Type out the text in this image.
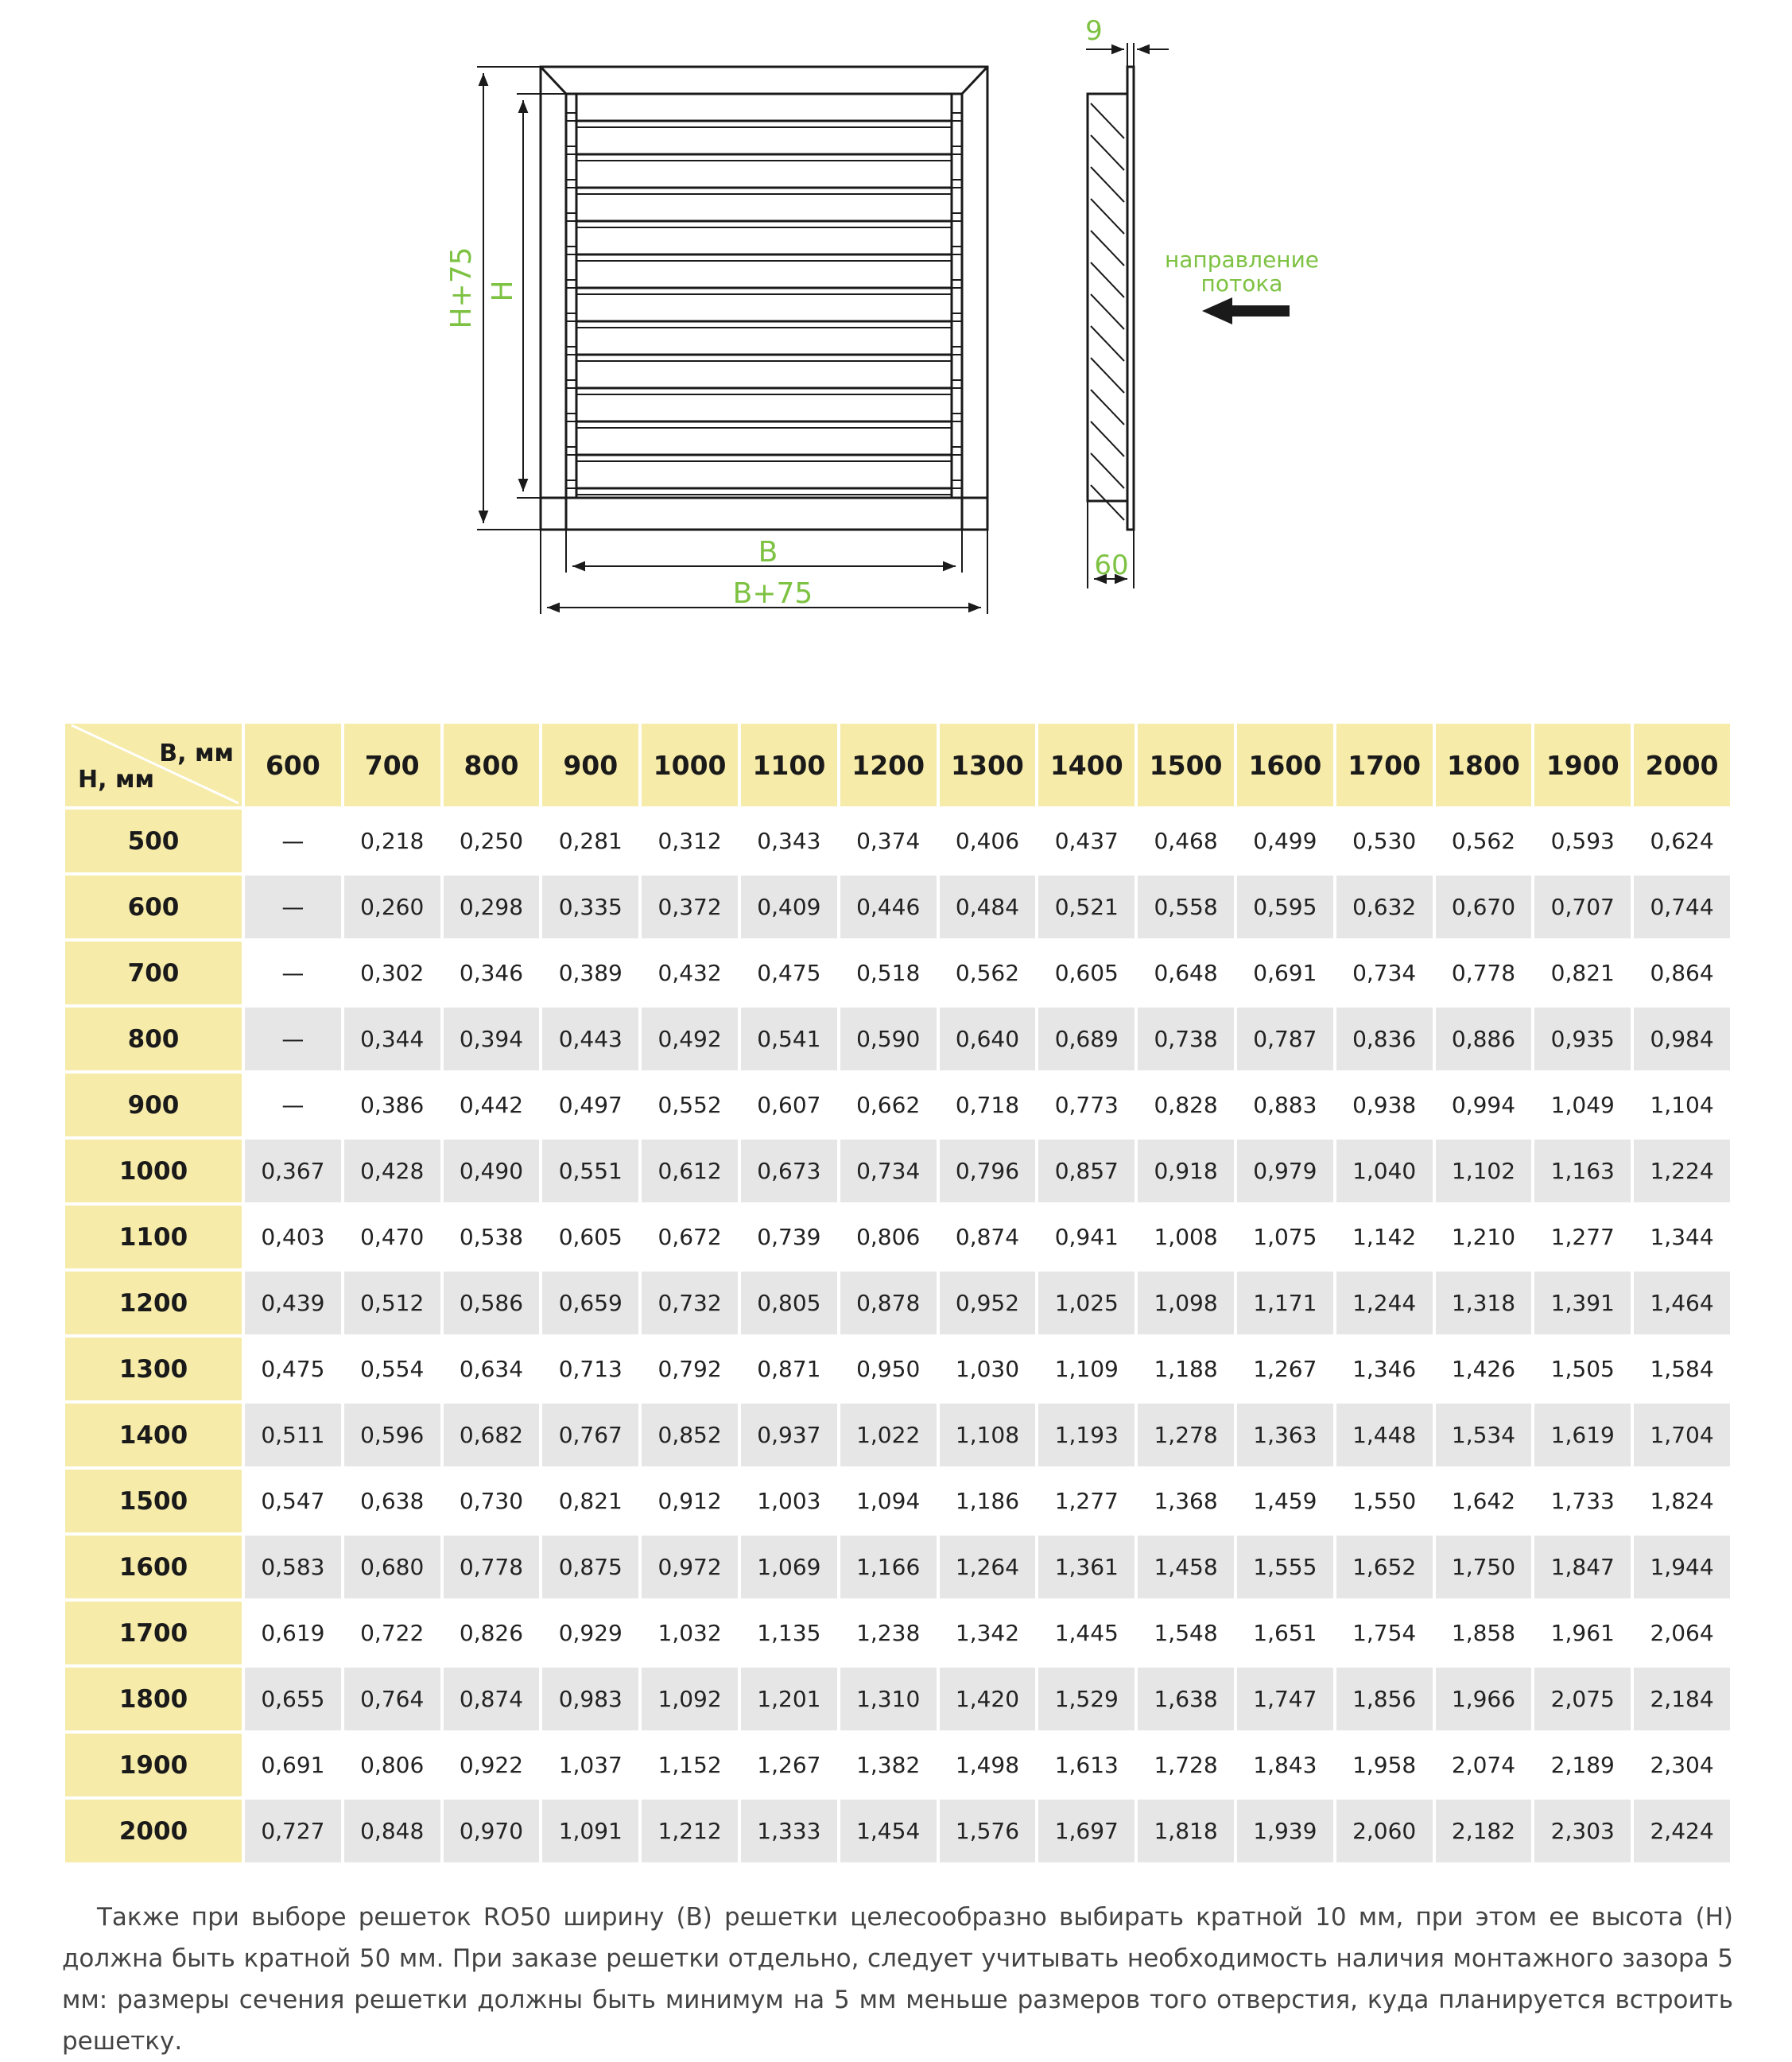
H+75 H
B
B+75
9
60
направление
потока
B, мм
H, мм	600	700	800	900	1000	1100	1200	1300	1400	1500	1600	1700	1800	1900	2000
500	—	0,218	0,250	0,281	0,312	0,343	0,374	0,406	0,437	0,468	0,499	0,530	0,562	0,593	0,624
600	—	0,260	0,298	0,335	0,372	0,409	0,446	0,484	0,521	0,558	0,595	0,632	0,670	0,707	0,744
700	—	0,302	0,346	0,389	0,432	0,475	0,518	0,562	0,605	0,648	0,691	0,734	0,778	0,821	0,864
800	—	0,344	0,394	0,443	0,492	0,541	0,590	0,640	0,689	0,738	0,787	0,836	0,886	0,935	0,984
900	—	0,386	0,442	0,497	0,552	0,607	0,662	0,718	0,773	0,828	0,883	0,938	0,994	1,049	1,104
1000	0,367	0,428	0,490	0,551	0,612	0,673	0,734	0,796	0,857	0,918	0,979	1,040	1,102	1,163	1,224
1100	0,403	0,470	0,538	0,605	0,672	0,739	0,806	0,874	0,941	1,008	1,075	1,142	1,210	1,277	1,344
1200	0,439	0,512	0,586	0,659	0,732	0,805	0,878	0,952	1,025	1,098	1,171	1,244	1,318	1,391	1,464
1300	0,475	0,554	0,634	0,713	0,792	0,871	0,950	1,030	1,109	1,188	1,267	1,346	1,426	1,505	1,584
1400	0,511	0,596	0,682	0,767	0,852	0,937	1,022	1,108	1,193	1,278	1,363	1,448	1,534	1,619	1,704
1500	0,547	0,638	0,730	0,821	0,912	1,003	1,094	1,186	1,277	1,368	1,459	1,550	1,642	1,733	1,824
1600	0,583	0,680	0,778	0,875	0,972	1,069	1,166	1,264	1,361	1,458	1,555	1,652	1,750	1,847	1,944
1700	0,619	0,722	0,826	0,929	1,032	1,135	1,238	1,342	1,445	1,548	1,651	1,754	1,858	1,961	2,064
1800	0,655	0,764	0,874	0,983	1,092	1,201	1,310	1,420	1,529	1,638	1,747	1,856	1,966	2,075	2,184
1900	0,691	0,806	0,922	1,037	1,152	1,267	1,382	1,498	1,613	1,728	1,843	1,958	2,074	2,189	2,304
2000	0,727	0,848	0,970	1,091	1,212	1,333	1,454	1,576	1,697	1,818	1,939	2,060	2,182	2,303	2,424

Также при выборе решеток RO50 ширину (В) решетки целесообразно выбирать кратной 10 мм, при этом ее высота (Н) должна быть кратной 50 мм. При заказе решетки отдельно, следует учитывать необходимость наличия монтажного зазора 5 мм: размеры сечения решетки должны быть минимум на 5 мм меньше размеров того отверстия, куда планируется встроить решетку.
